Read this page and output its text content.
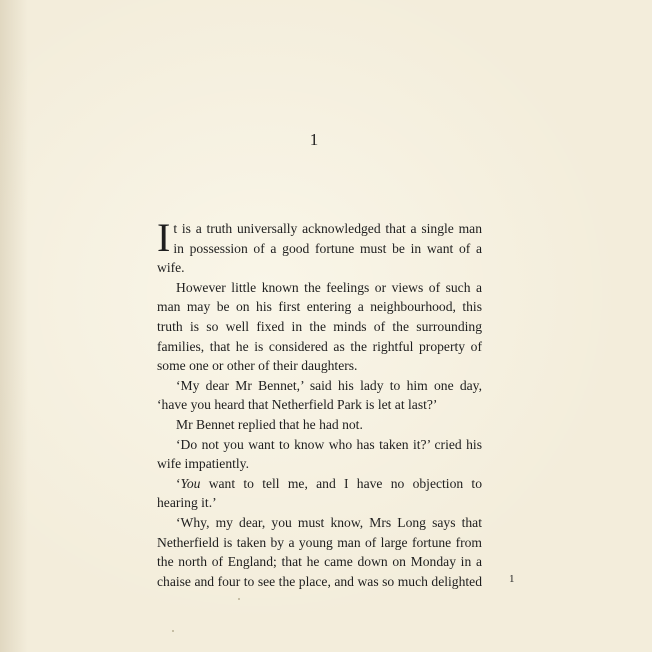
1
I t is a truth universally acknowledged that a single man

in possession of a good fortune must be in want of a

wife.

However little known the feelings or views of such a

man may be on his first entering a neighbourhood, this

truth is so well fixed in the minds of the surrounding

families, that he is considered as the rightful property of

some one or other of their daughters.

‘My dear Mr Bennet,’ said his lady to him one day,

‘have you heard that Netherfield Park is let at last?’

Mr Bennet replied that he had not.

‘Do not you want to know who has taken it?’ cried his

wife impatiently.

‘You want to tell me, and I have no objection to

hearing it.’

‘Why, my dear, you must know, Mrs Long says that

Netherfield is taken by a young man of large fortune from

the north of England; that he came down on Monday in a

chaise and four to see the place, and was so much delighted 1
